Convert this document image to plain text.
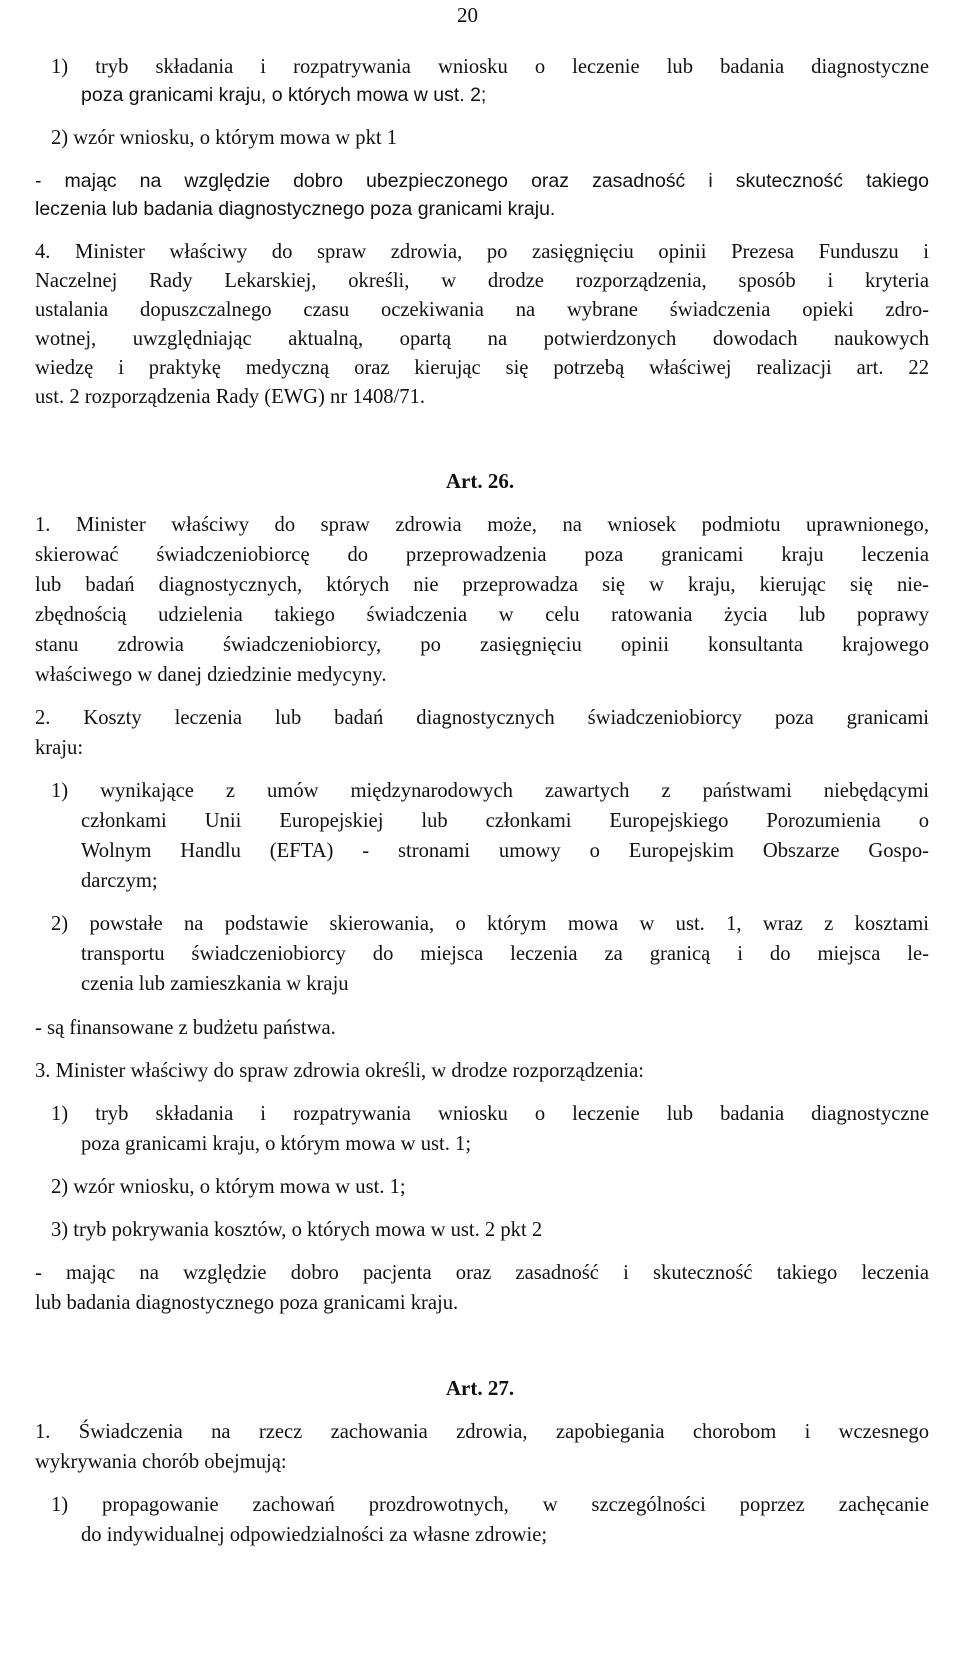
20
1) tryb składania i rozpatrywania wniosku o leczenie lub badania diagnostyczne
poza granicami kraju, o których mowa w ust. 2;
2) wzór wniosku, o którym mowa w pkt 1
- mając na względzie dobro ubezpieczonego oraz zasadność i skuteczność takiego
leczenia lub badania diagnostycznego poza granicami kraju.
4. Minister właściwy do spraw zdrowia, po zasięgnięciu opinii Prezesa Funduszu i
Naczelnej Rady Lekarskiej, określi, w drodze rozporządzenia, sposób i kryteria
ustalania dopuszczalnego czasu oczekiwania na wybrane świadczenia opieki zdro-
wotnej, uwzględniając aktualną, opartą na potwierdzonych dowodach naukowych
wiedzę i praktykę medyczną oraz kierując się potrzebą właściwej realizacji art. 22
ust. 2 rozporządzenia Rady (EWG) nr 1408/71.
1. Minister właściwy do spraw zdrowia może, na wniosek podmiotu uprawnionego,
skierować świadczeniobiorcę do przeprowadzenia poza granicami kraju leczenia
lub badań diagnostycznych, których nie przeprowadza się w kraju, kierując się nie-
zbędnością udzielenia takiego świadczenia w celu ratowania życia lub poprawy
stanu zdrowia świadczeniobiorcy, po zasięgnięciu opinii konsultanta krajowego
właściwego w danej dziedzinie medycyny.
2. Koszty leczenia lub badań diagnostycznych świadczeniobiorcy poza granicami
kraju:
1) wynikające z umów międzynarodowych zawartych z państwami niebędącymi
członkami Unii Europejskiej lub członkami Europejskiego Porozumienia o
Wolnym Handlu (EFTA) - stronami umowy o Europejskim Obszarze Gospo-
darczym;
2) powstałe na podstawie skierowania, o którym mowa w ust. 1, wraz z kosztami
transportu świadczeniobiorcy do miejsca leczenia za granicą i do miejsca le-
czenia lub zamieszkania w kraju
- są finansowane z budżetu państwa.
3. Minister właściwy do spraw zdrowia określi, w drodze rozporządzenia:
1) tryb składania i rozpatrywania wniosku o leczenie lub badania diagnostyczne
poza granicami kraju, o którym mowa w ust. 1;
2) wzór wniosku, o którym mowa w ust. 1;
3) tryb pokrywania kosztów, o których mowa w ust. 2 pkt 2
- mając na względzie dobro pacjenta oraz zasadność i skuteczność takiego leczenia
lub badania diagnostycznego poza granicami kraju.
1. Świadczenia na rzecz zachowania zdrowia, zapobiegania chorobom i wczesnego
wykrywania chorób obejmują:
1) propagowanie zachowań prozdrowotnych, w szczególności poprzez zachęcanie
do indywidualnej odpowiedzialności za własne zdrowie;
Art. 26.
Art. 27.
